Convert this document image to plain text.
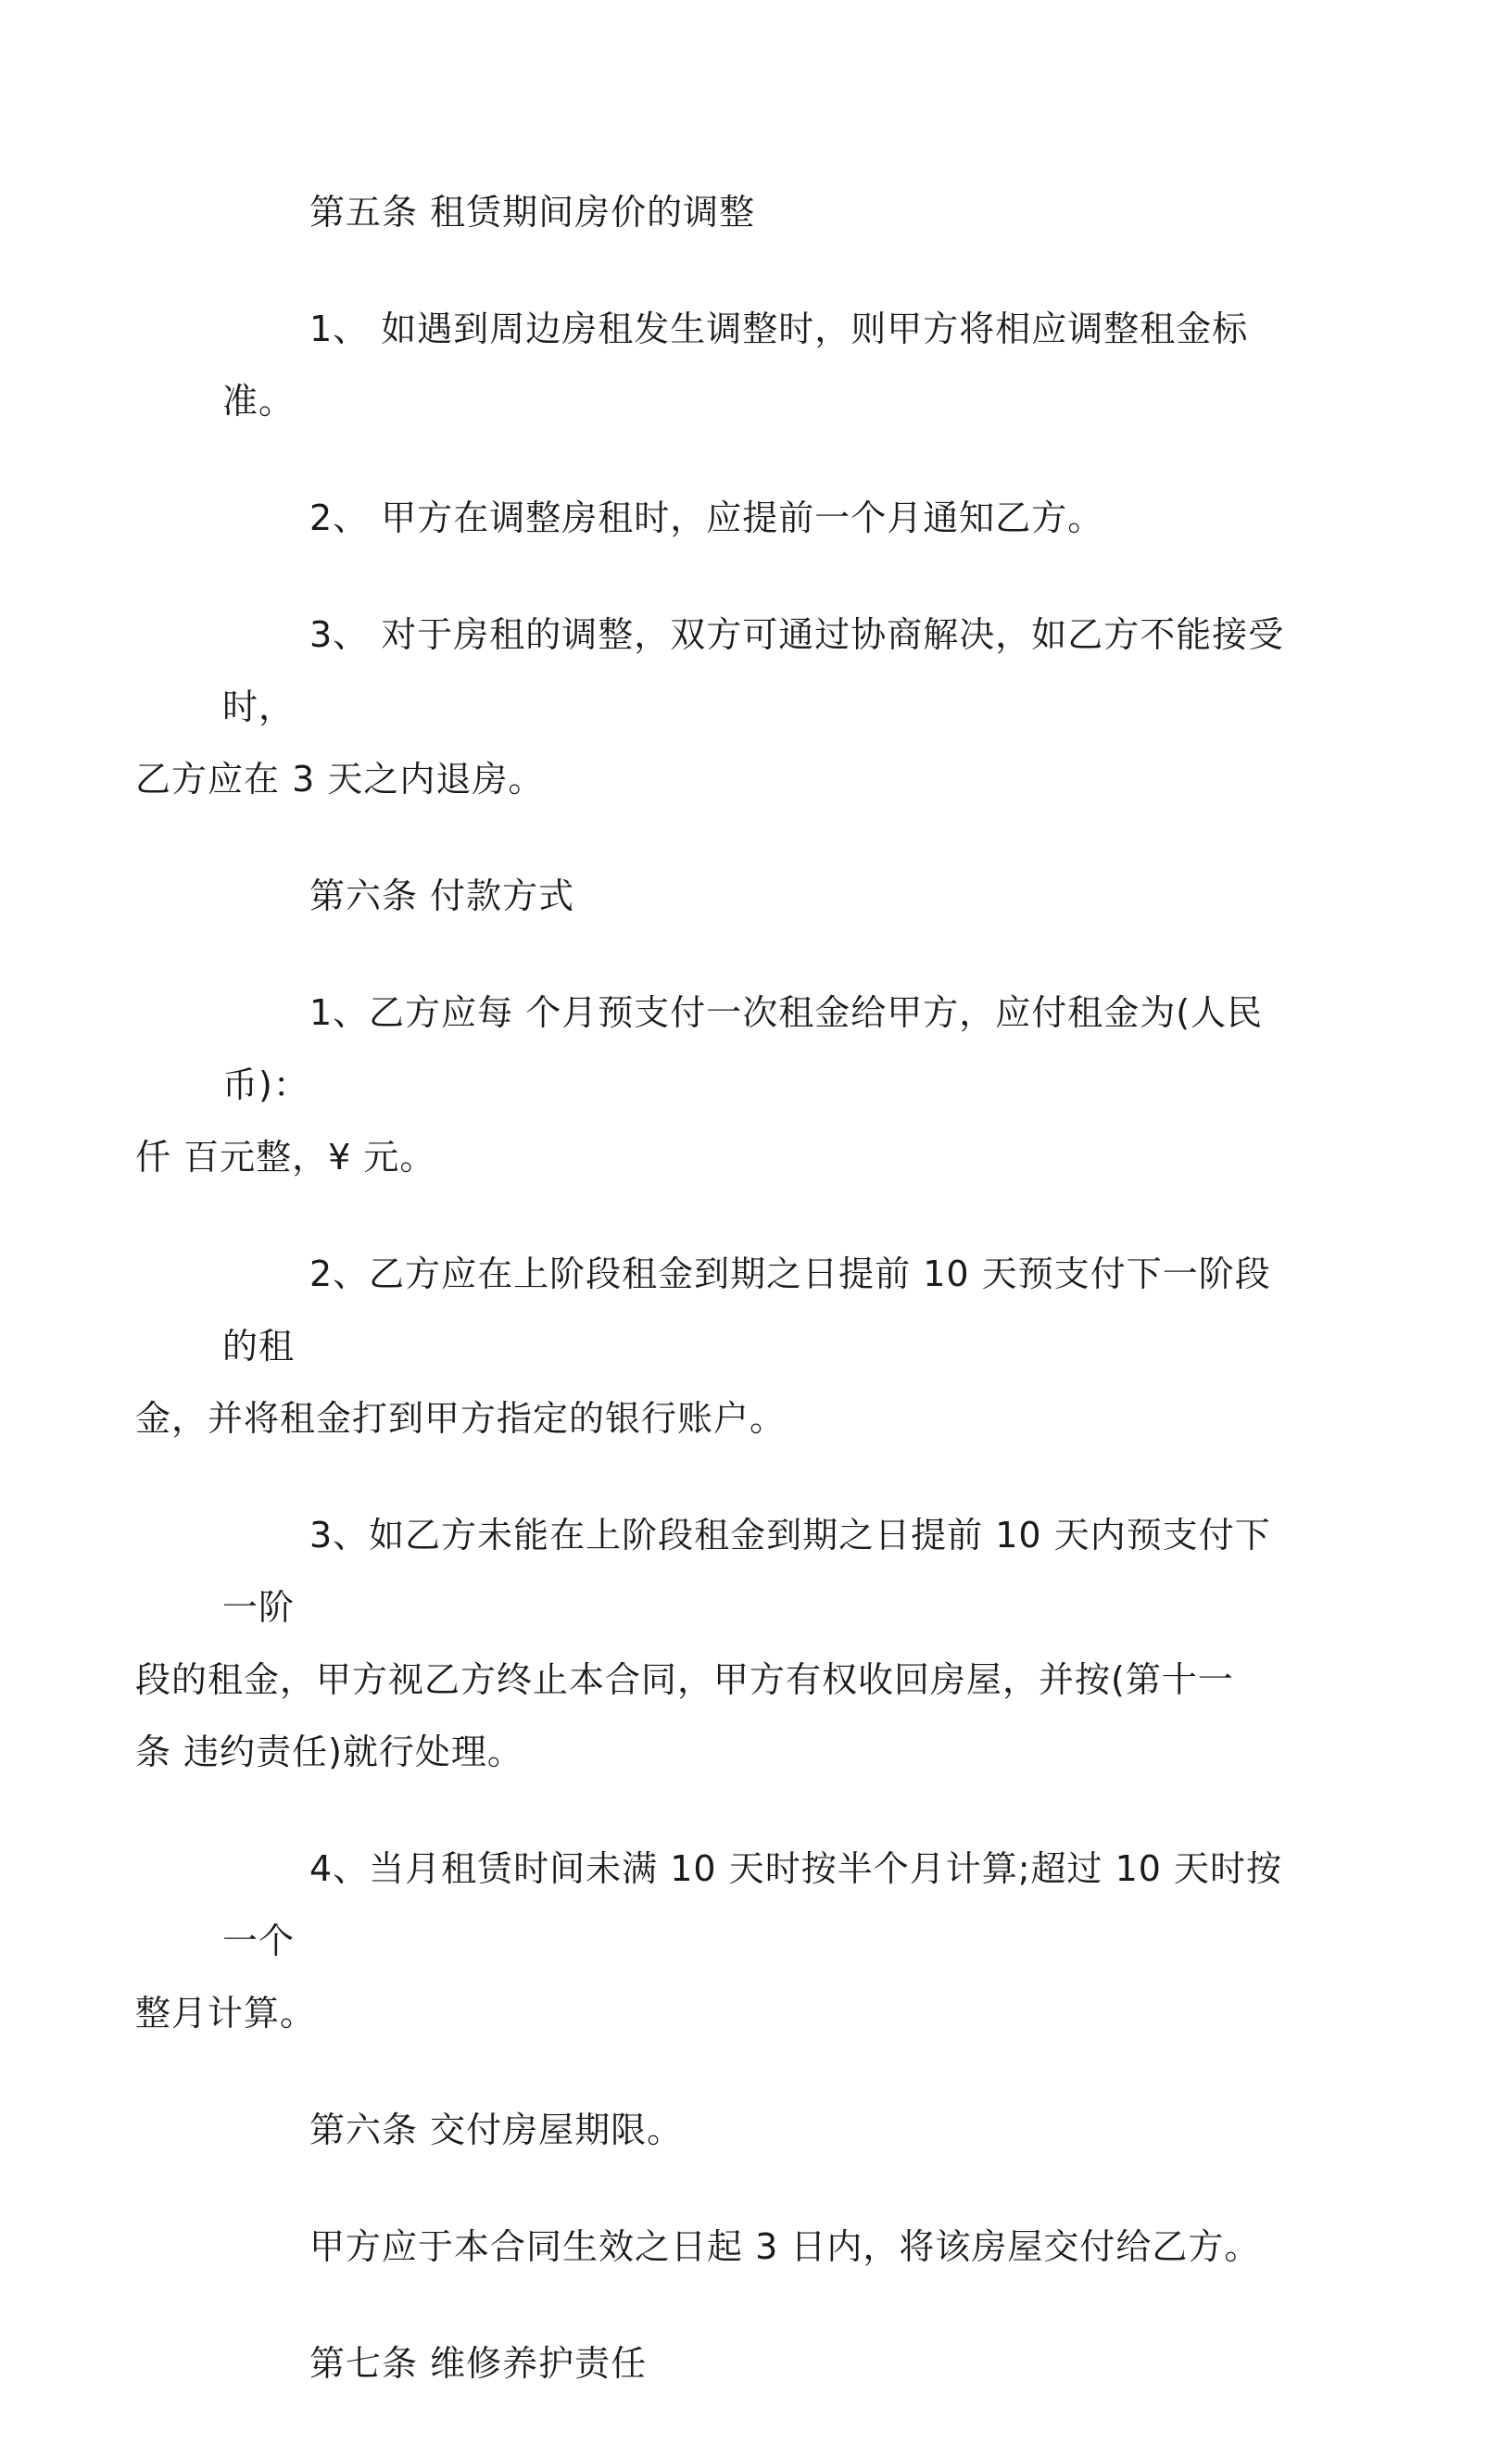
第五条 租赁期间房价的调整

1、 如遇到周边房租发生调整时，则甲方将相应调整租金标准。

2、 甲方在调整房租时，应提前一个月通知乙方。

3、 对于房租的调整，双方可通过协商解决，如乙方不能接受时，
乙方应在 3 天之内退房。

第六条 付款方式

1、乙方应每 个月预支付一次租金给甲方，应付租金为(人民币)：
仟 百元整，¥ 元。

2、乙方应在上阶段租金到期之日提前 10 天预支付下一阶段的租
金，并将租金打到甲方指定的银行账户。

3、如乙方未能在上阶段租金到期之日提前 10 天内预支付下一阶
段的租金，甲方视乙方终止本合同，甲方有权收回房屋，并按(第十一
条 违约责任)就行处理。

4、当月租赁时间未满 10 天时按半个月计算;超过 10 天时按一个
整月计算。

第六条 交付房屋期限。

甲方应于本合同生效之日起 3 日内，将该房屋交付给乙方。

第七条 维修养护责任
